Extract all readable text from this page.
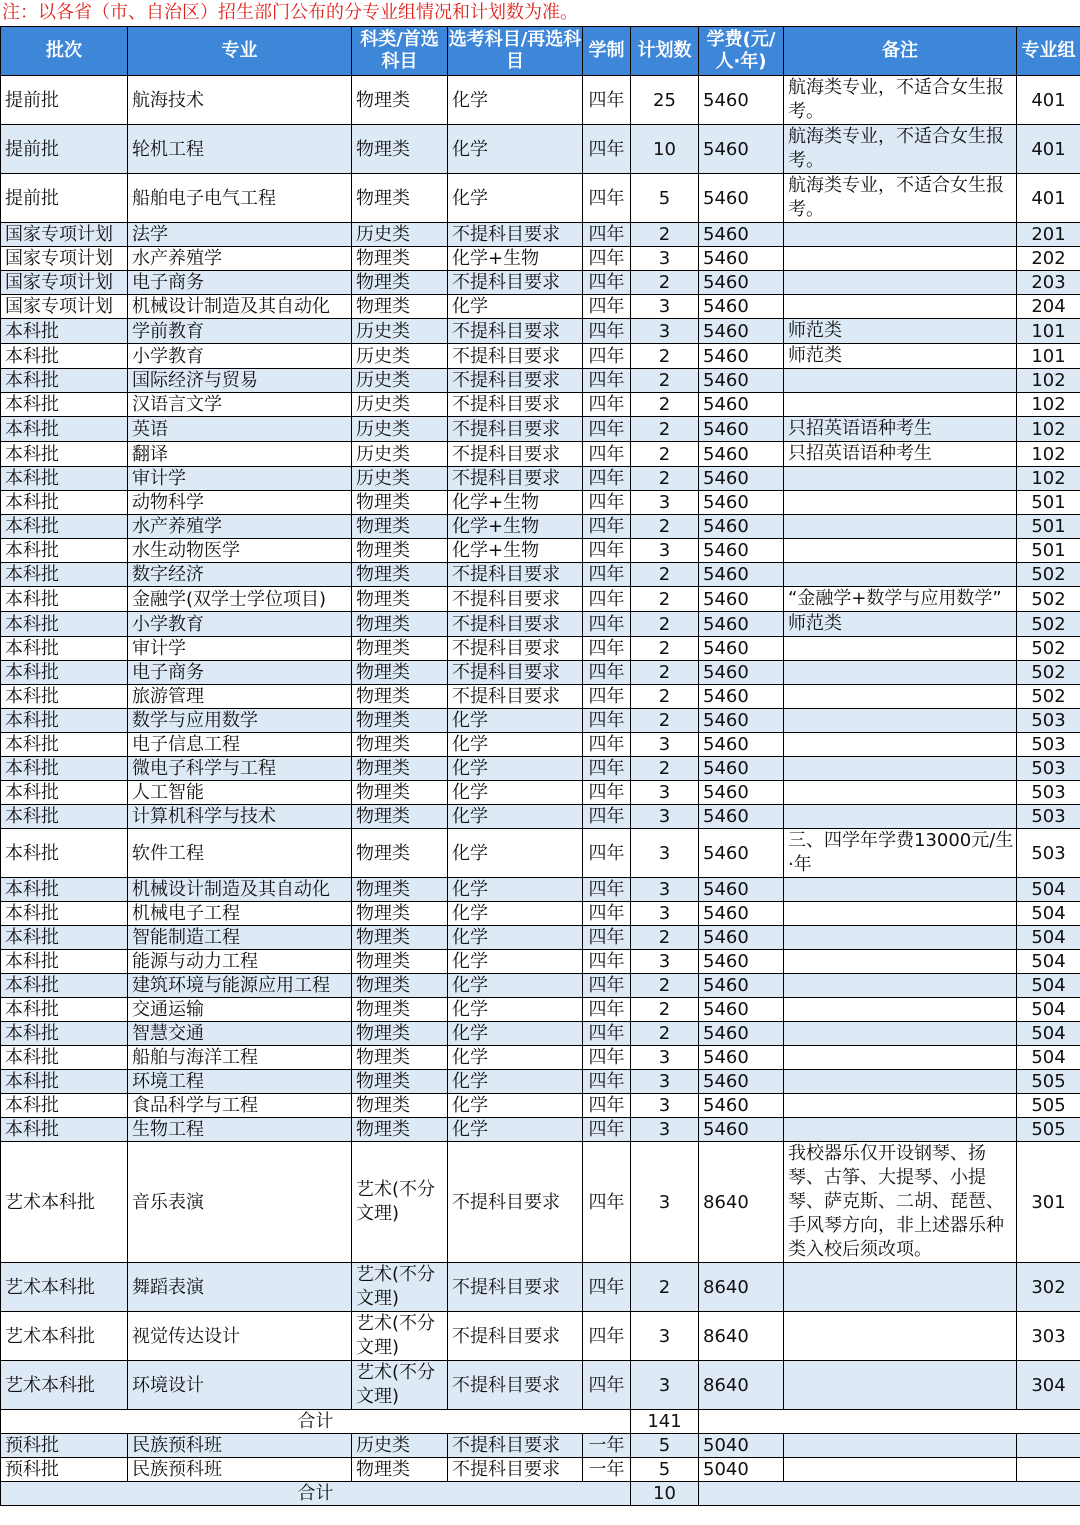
注：以各省（市、自治区）招生部门公布的分专业组情况和计划数为准。
批次	专业	科类/首选科目	选考科目/再选科目	学制	计划数	学费(元/人·年)	备注	专业组
提前批	航海技术	物理类	化学	四年	25	5460	航海类专业，不适合女生报考。	401
提前批	轮机工程	物理类	化学	四年	10	5460	航海类专业，不适合女生报考。	401
提前批	船舶电子电气工程	物理类	化学	四年	5	5460	航海类专业，不适合女生报考。	401
国家专项计划	法学	历史类	不提科目要求	四年	2	5460		201
国家专项计划	水产养殖学	物理类	化学+生物	四年	3	5460		202
国家专项计划	电子商务	物理类	不提科目要求	四年	2	5460		203
国家专项计划	机械设计制造及其自动化	物理类	化学	四年	3	5460		204
本科批	学前教育	历史类	不提科目要求	四年	3	5460	师范类	101
本科批	小学教育	历史类	不提科目要求	四年	2	5460	师范类	101
本科批	国际经济与贸易	历史类	不提科目要求	四年	2	5460		102
本科批	汉语言文学	历史类	不提科目要求	四年	2	5460		102
本科批	英语	历史类	不提科目要求	四年	2	5460	只招英语语种考生	102
本科批	翻译	历史类	不提科目要求	四年	2	5460	只招英语语种考生	102
本科批	审计学	历史类	不提科目要求	四年	2	5460		102
本科批	动物科学	物理类	化学+生物	四年	3	5460		501
本科批	水产养殖学	物理类	化学+生物	四年	2	5460		501
本科批	水生动物医学	物理类	化学+生物	四年	3	5460		501
本科批	数字经济	物理类	不提科目要求	四年	2	5460		502
本科批	金融学(双学士学位项目)	物理类	不提科目要求	四年	2	5460	“金融学+数学与应用数学”	502
本科批	小学教育	物理类	不提科目要求	四年	2	5460	师范类	502
本科批	审计学	物理类	不提科目要求	四年	2	5460		502
本科批	电子商务	物理类	不提科目要求	四年	2	5460		502
本科批	旅游管理	物理类	不提科目要求	四年	2	5460		502
本科批	数学与应用数学	物理类	化学	四年	2	5460		503
本科批	电子信息工程	物理类	化学	四年	3	5460		503
本科批	微电子科学与工程	物理类	化学	四年	2	5460		503
本科批	人工智能	物理类	化学	四年	3	5460		503
本科批	计算机科学与技术	物理类	化学	四年	3	5460		503
本科批	软件工程	物理类	化学	四年	3	5460	三、四学年学费13000元/生·年	503
本科批	机械设计制造及其自动化	物理类	化学	四年	3	5460		504
本科批	机械电子工程	物理类	化学	四年	3	5460		504
本科批	智能制造工程	物理类	化学	四年	2	5460		504
本科批	能源与动力工程	物理类	化学	四年	3	5460		504
本科批	建筑环境与能源应用工程	物理类	化学	四年	2	5460		504
本科批	交通运输	物理类	化学	四年	2	5460		504
本科批	智慧交通	物理类	化学	四年	2	5460		504
本科批	船舶与海洋工程	物理类	化学	四年	3	5460		504
本科批	环境工程	物理类	化学	四年	3	5460		505
本科批	食品科学与工程	物理类	化学	四年	3	5460		505
本科批	生物工程	物理类	化学	四年	3	5460		505
艺术本科批	音乐表演	艺术(不分文理)	不提科目要求	四年	3	8640	我校器乐仅开设钢琴、扬琴、古筝、大提琴、小提琴、萨克斯、二胡、琵琶、手风琴方向，非上述器乐种类入校后须改项。	301
艺术本科批	舞蹈表演	艺术(不分文理)	不提科目要求	四年	2	8640		302
艺术本科批	视觉传达设计	艺术(不分文理)	不提科目要求	四年	3	8640		303
艺术本科批	环境设计	艺术(不分文理)	不提科目要求	四年	3	8640		304
合计					141			
预科批	民族预科班	历史类	不提科目要求	一年	5	5040		
预科批	民族预科班	物理类	不提科目要求	一年	5	5040		
合计					10			
